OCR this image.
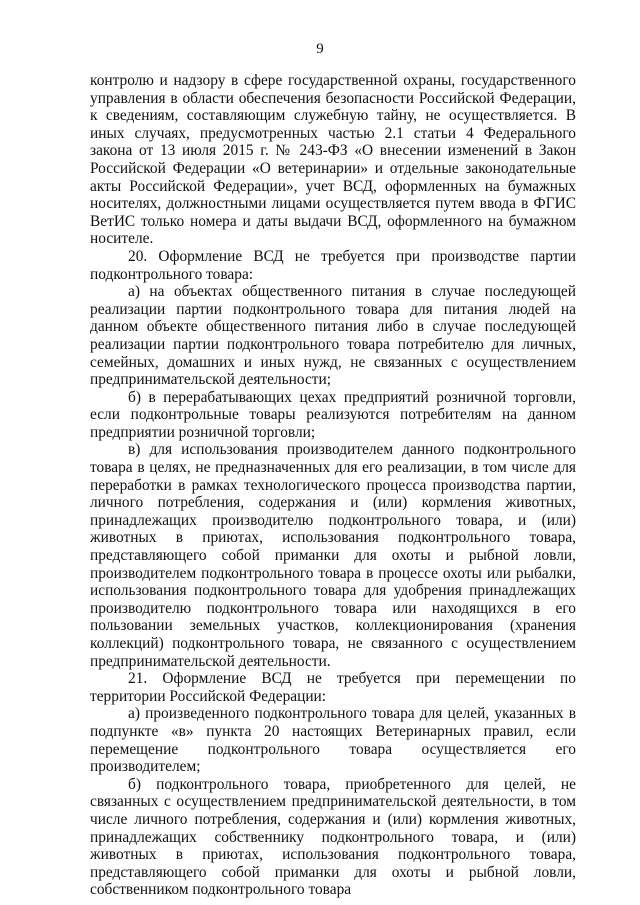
9

контролю и надзору в сфере государственной охраны, государственного управления в области обеспечения безопасности Российской Федерации, к сведениям, составляющим служебную тайну, не осуществляется. В иных случаях, предусмотренных частью 2.1 статьи 4 Федерального закона от 13 июля 2015 г. № 243-ФЗ «О внесении изменений в Закон Российской Федерации «О ветеринарии» и отдельные законодательные акты Российской Федерации», учет ВСД, оформленных на бумажных носителях, должностными лицами осуществляется путем ввода в ФГИС ВетИС только номера и даты выдачи ВСД, оформленного на бумажном носителе.

20. Оформление ВСД не требуется при производстве партии подконтрольного товара:

а) на объектах общественного питания в случае последующей реализации партии подконтрольного товара для питания людей на данном объекте общественного питания либо в случае последующей реализации партии подконтрольного товара потребителю для личных, семейных, домашних и иных нужд, не связанных с осуществлением предпринимательской деятельности;

б) в перерабатывающих цехах предприятий розничной торговли, если подконтрольные товары реализуются потребителям на данном предприятии розничной торговли;

в) для использования производителем данного подконтрольного товара в целях, не предназначенных для его реализации, в том числе для переработки в рамках технологического процесса производства партии, личного потребления, содержания и (или) кормления животных, принадлежащих производителю подконтрольного товара, и (или) животных в приютах, использования подконтрольного товара, представляющего собой приманки для охоты и рыбной ловли, производителем подконтрольного товара в процессе охоты или рыбалки, использования подконтрольного товара для удобрения принадлежащих производителю подконтрольного товара или находящихся в его пользовании земельных участков, коллекционирования (хранения коллекций) подконтрольного товара, не связанного с осуществлением предпринимательской деятельности.

21. Оформление ВСД не требуется при перемещении по территории Российской Федерации:

а) произведенного подконтрольного товара для целей, указанных в подпункте «в» пункта 20 настоящих Ветеринарных правил, если перемещение подконтрольного товара осуществляется его производителем;

б) подконтрольного товара, приобретенного для целей, не связанных с осуществлением предпринимательской деятельности, в том числе личного потребления, содержания и (или) кормления животных, принадлежащих собственнику подконтрольного товара, и (или) животных в приютах, использования подконтрольного товара, представляющего собой приманки для охоты и рыбной ловли, собственником подконтрольного товара
